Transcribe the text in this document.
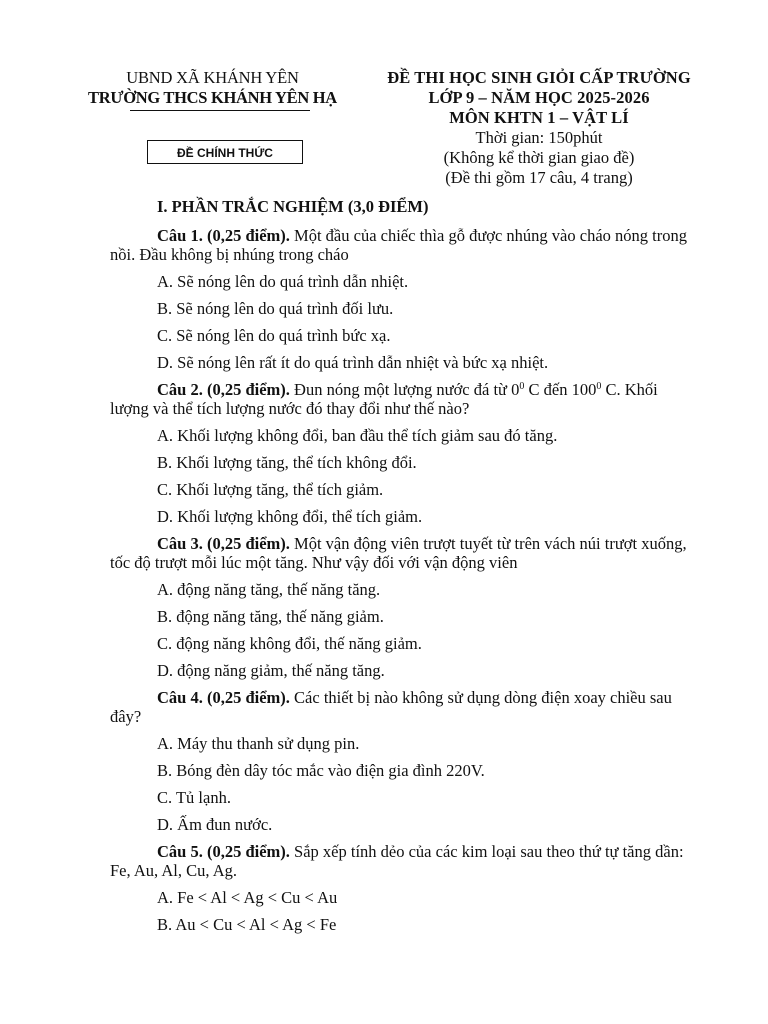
UBND XÃ KHÁNH YÊN
TRƯỜNG THCS KHÁNH YÊN HẠ
ĐỀ CHÍNH THỨC
ĐỀ THI HỌC SINH GIỎI CẤP TRƯỜNG
LỚP 9 – NĂM HỌC 2025-2026
MÔN KHTN 1 – VẬT LÍ
Thời gian: 150phút
(Không kể thời gian giao đề)
(Đề thi gồm 17 câu, 4 trang)
I. PHẦN TRẮC NGHIỆM (3,0 ĐIỂM)
Câu 1. (0,25 điểm). Một đầu của chiếc thìa gỗ được nhúng vào cháo nóng trong nồi. Đầu không bị nhúng trong cháo
A. Sẽ nóng lên do quá trình dẫn nhiệt.
B. Sẽ nóng lên do quá trình đối lưu.
C. Sẽ nóng lên do quá trình bức xạ.
D. Sẽ nóng lên rất ít do quá trình dẫn nhiệt và bức xạ nhiệt.
Câu 2. (0,25 điểm). Đun nóng một lượng nước đá từ $0^0$ C đến $100^0$ C. Khối lượng và thể tích lượng nước đó thay đổi như thế nào?
A. Khối lượng không đổi, ban đầu thể tích giảm sau đó tăng.
B. Khối lượng tăng, thể tích không đổi.
C. Khối lượng tăng, thể tích giảm.
D. Khối lượng không đổi, thể tích giảm.
Câu 3. (0,25 điểm). Một vận động viên trượt tuyết từ trên vách núi trượt xuống, tốc độ trượt mỗi lúc một tăng. Như vậy đối với vận động viên
A. động năng tăng, thế năng tăng.
B. động năng tăng, thế năng giảm.
C. động năng không đổi, thế năng giảm.
D. động năng giảm, thế năng tăng.
Câu 4. (0,25 điểm). Các thiết bị nào không sử dụng dòng điện xoay chiều sau đây?
A. Máy thu thanh sử dụng pin.
B. Bóng đèn dây tóc mắc vào điện gia đình 220V.
C. Tủ lạnh.
D. Ấm đun nước.
Câu 5. (0,25 điểm). Sắp xếp tính dẻo của các kim loại sau theo thứ tự tăng dần: Fe, Au, Al, Cu, Ag.
A. Fe < Al < Ag < Cu < Au
B. Au < Cu < Al < Ag < Fe
